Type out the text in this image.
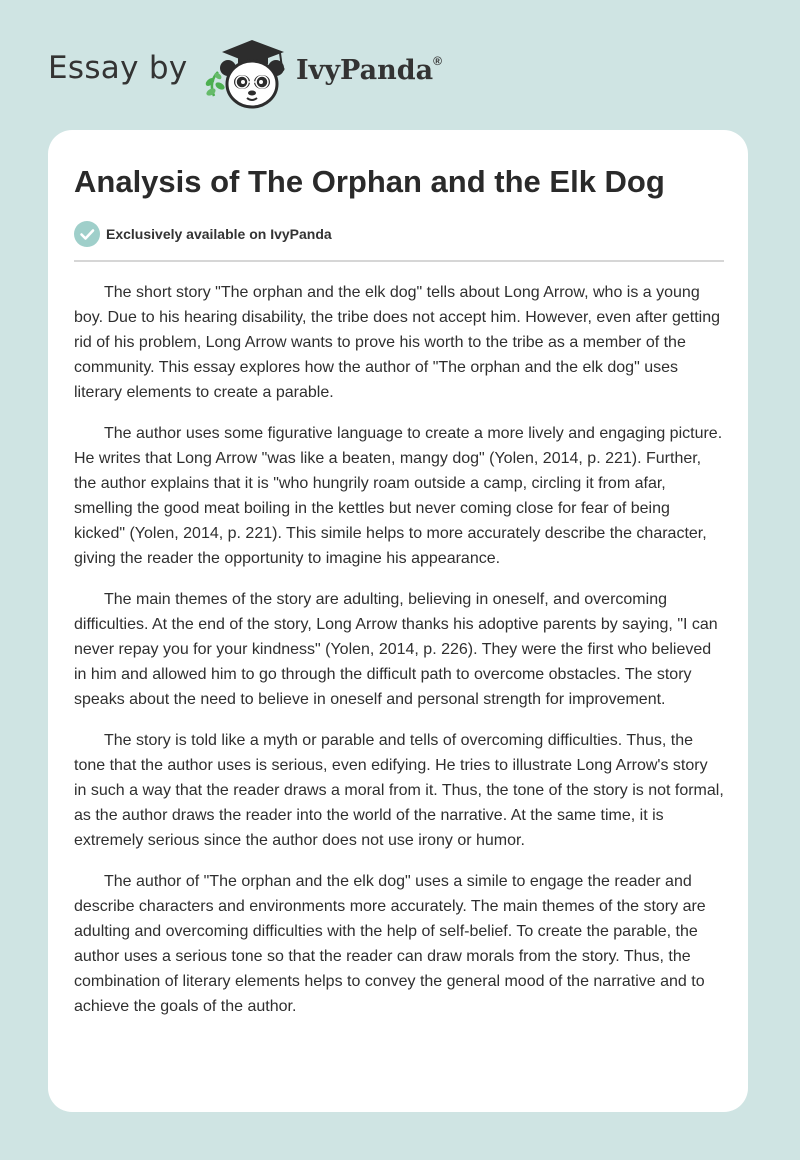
Essay by	IvyPanda®
Analysis of The Orphan and the Elk Dog
Exclusively available on IvyPanda

The short story "The orphan and the elk dog" tells about Long Arrow, who is a young boy. Due to his hearing disability, the tribe does not accept him. However, even after getting rid of his problem, Long Arrow wants to prove his worth to the tribe as a member of the community. This essay explores how the author of "The orphan and the elk dog" uses literary elements to create a parable.

The author uses some figurative language to create a more lively and engaging picture. He writes that Long Arrow "was like a beaten, mangy dog" (Yolen, 2014, p. 221). Further, the author explains that it is "who hungrily roam outside a camp, circling it from afar, smelling the good meat boiling in the kettles but never coming close for fear of being kicked" (Yolen, 2014, p. 221). This simile helps to more accurately describe the character, giving the reader the opportunity to imagine his appearance.

The main themes of the story are adulting, believing in oneself, and overcoming difficulties. At the end of the story, Long Arrow thanks his adoptive parents by saying, "I can never repay you for your kindness" (Yolen, 2014, p. 226). They were the first who believed in him and allowed him to go through the difficult path to overcome obstacles. The story speaks about the need to believe in oneself and personal strength for improvement.

The story is told like a myth or parable and tells of overcoming difficulties. Thus, the tone that the author uses is serious, even edifying. He tries to illustrate Long Arrow's story in such a way that the reader draws a moral from it. Thus, the tone of the story is not formal, as the author draws the reader into the world of the narrative. At the same time, it is extremely serious since the author does not use irony or humor.

The author of "The orphan and the elk dog" uses a simile to engage the reader and describe characters and environments more accurately. The main themes of the story are adulting and overcoming difficulties with the help of self-belief. To create the parable, the author uses a serious tone so that the reader can draw morals from the story. Thus, the combination of literary elements helps to convey the general mood of the narrative and to achieve the goals of the author.
